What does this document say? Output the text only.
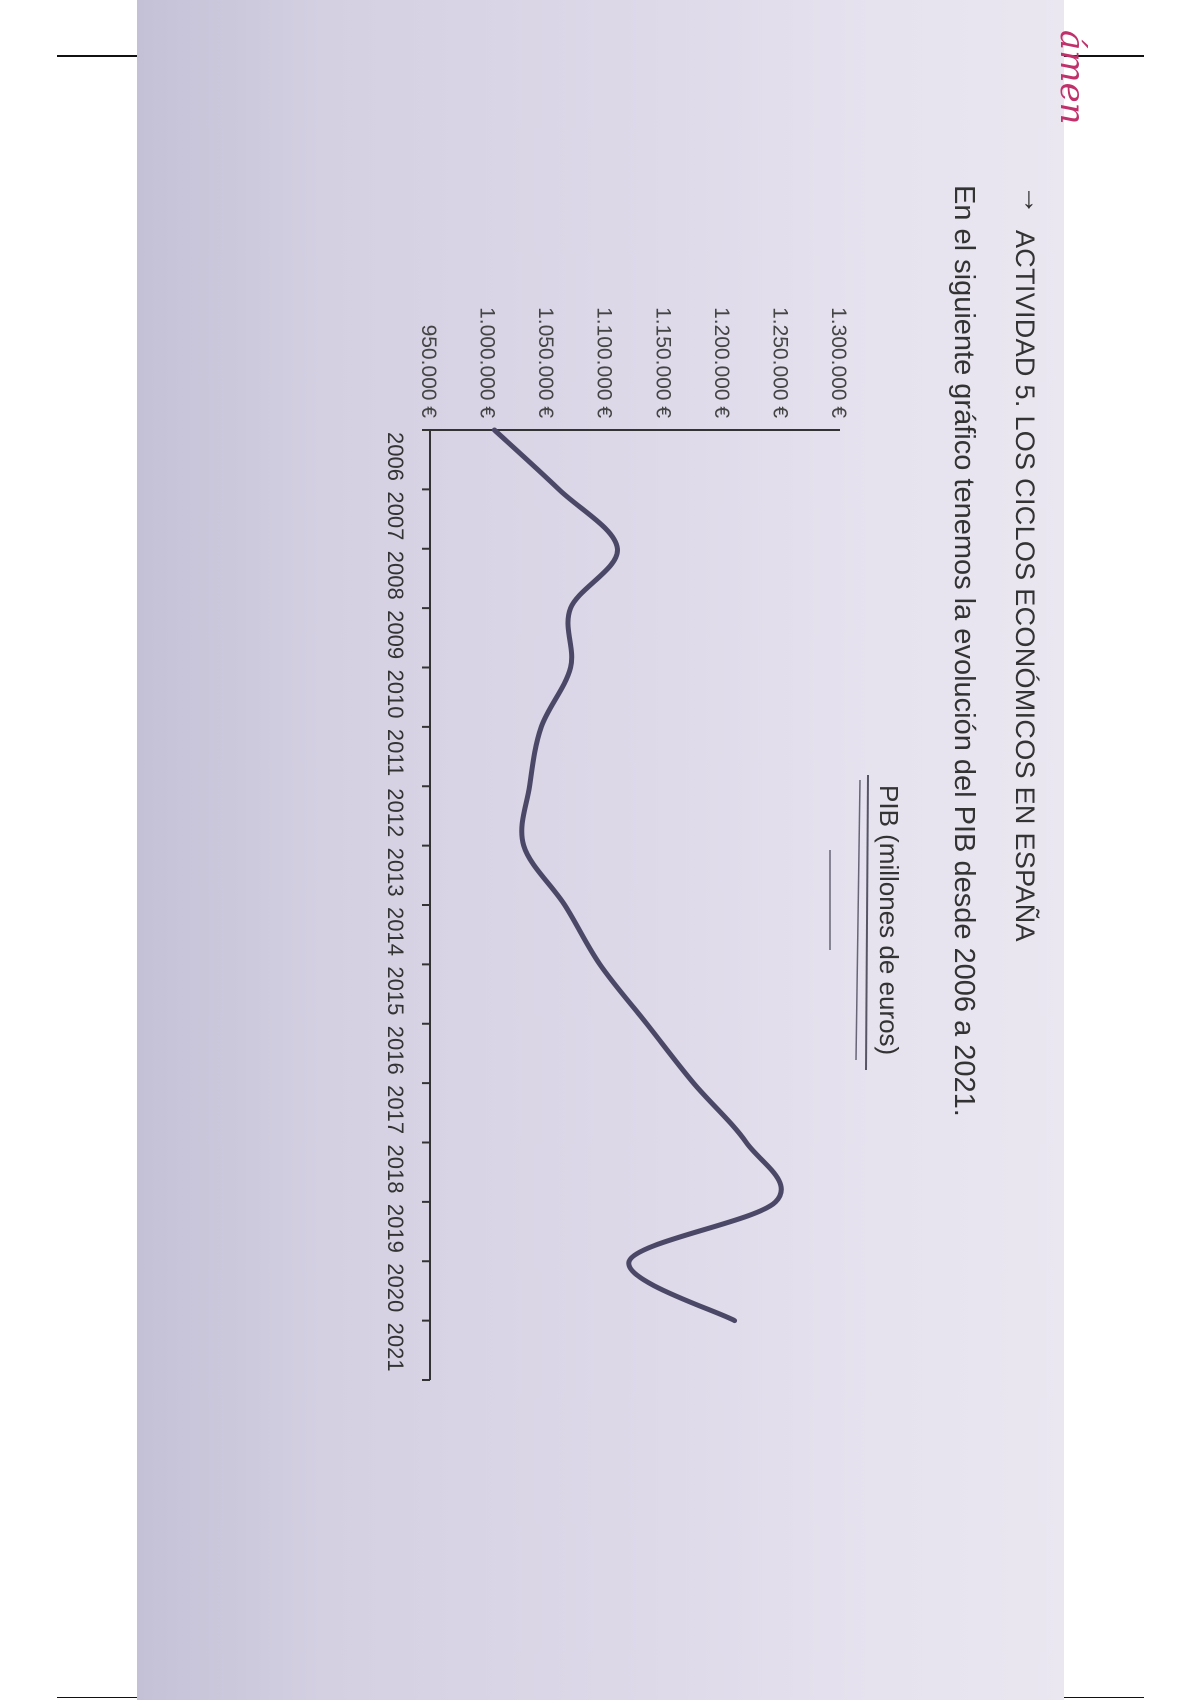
ámen
→
ACTIVIDAD 5. LOS CICLOS ECONÓMICOS EN ESPAÑA
En el siguiente gráfico tenemos la evolución del PIB desde 2006 a 2021.
PIB (millones de euros)
1.300.000 €
1.250.000 €
1.200.000 €
1.150.000 €
1.100.000 €
1.050.000 €
1.000.000 €
950.000 €
2006
2007
2008
2009
2010
2011
2012
2013
2014
2015
2016
2017
2018
2019
2020
2021
